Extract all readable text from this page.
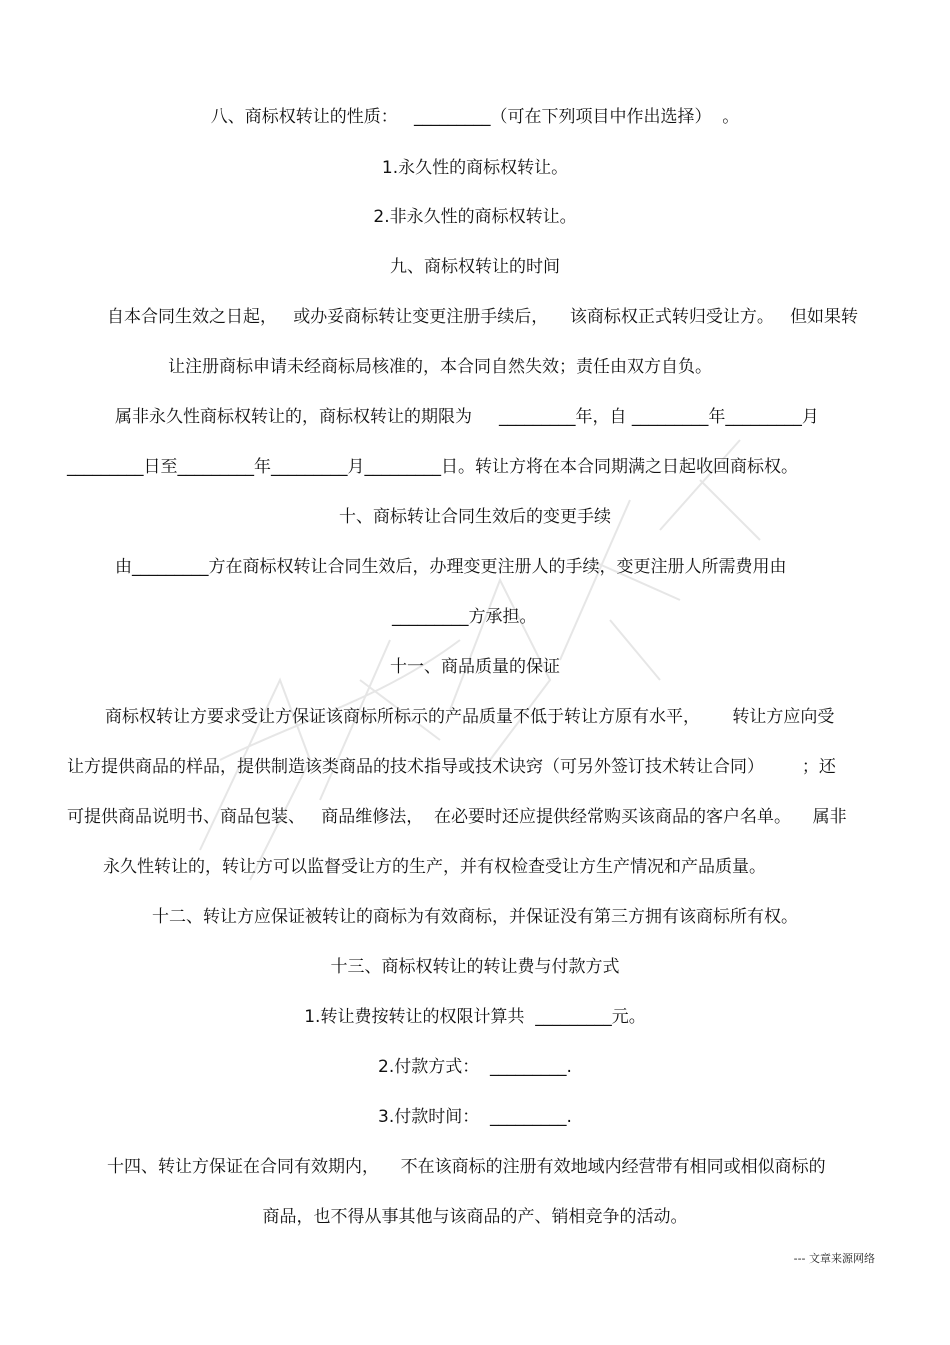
八、商标权转让的性质：   _________（可在下列项目中作出选择）  。
1.永久性的商标权转让。
2.非永久性的商标权转让。
九、商标权转让的时间
自本合同生效之日起，   或办妥商标转让变更注册手续后，    该商标权正式转归受让方。   但如果转
让注册商标申请未经商标局核准的，本合同自然失效；责任由双方自负。
属非永久性商标权转让的，商标权转让的期限为     _________年，自 _________年_________月
_________日至_________年_________月_________日。转让方将在本合同期满之日起收回商标权。
十、商标转让合同生效后的变更手续
由_________方在商标权转让合同生效后，办理变更注册人的手续，变更注册人所需费用由
_________方承担。
十一、商品质量的保证
商标权转让方要求受让方保证该商标所标示的产品质量不低于转让方原有水平，      转让方应向受
让方提供商品的样品，提供制造该类商品的技术指导或技术诀窍（可另外签订技术转让合同）       ；还
可提供商品说明书、商品包装、   商品维修法，  在必要时还应提供经常购买该商品的客户名单。    属非
永久性转让的，转让方可以监督受让方的生产，并有权检查受让方生产情况和产品质量。
十二、转让方应保证被转让的商标为有效商标，并保证没有第三方拥有该商标所有权。
十三、商标权转让的转让费与付款方式
1.转让费按转让的权限计算共  _________元。
2.付款方式：  _________.
3.付款时间：  _________.
十四、转让方保证在合同有效期内，    不在该商标的注册有效地域内经营带有相同或相似商标的
商品，也不得从事其他与该商品的产、销相竞争的活动。
--- 文章来源网络
